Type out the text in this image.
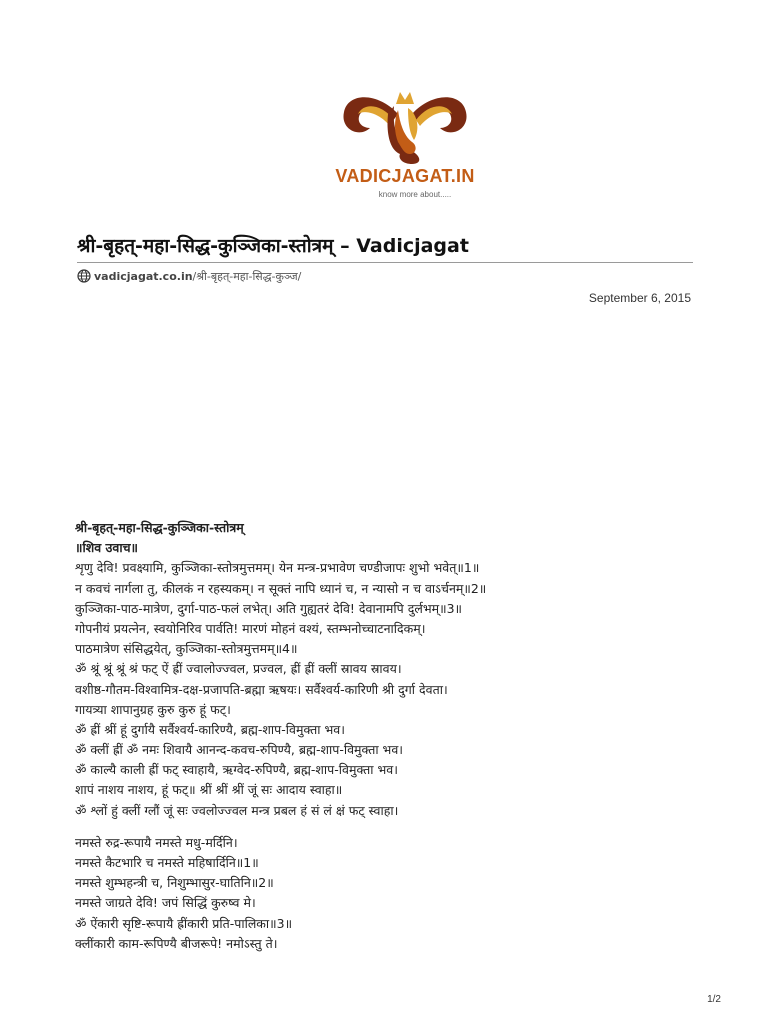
VADICJAGAT.IN
know more about.....
श्री-बृहत्-महा-सिद्ध-कुञ्जिका-स्तोत्रम् – Vadicjagat
vadicjagat.co.in /श्री-बृहत्-महा-सिद्ध-कुञ्ज/
September 6, 2015
श्री-बृहत्-महा-सिद्ध-कुञ्जिका-स्तोत्रम्
॥शिव उवाच॥
शृणु देवि! प्रवक्ष्यामि, कुञ्जिका-स्तोत्रमुत्तमम्। येन मन्त्र-प्रभावेण चण्डीजापः शुभो भवेत्॥1॥
न कवचं नार्गला तु, कीलकं न रहस्यकम्। न सूक्तं नापि ध्यानं च, न न्यासो न च वाऽर्चनम्॥2॥
कुञ्जिका-पाठ-मात्रेण, दुर्गा-पाठ-फलं लभेत्। अति गुह्यतरं देवि! देवानामपि दुर्लभम्॥3॥
गोपनीयं प्रयत्नेन, स्वयोनिरिव पार्वति! मारणं मोहनं वश्यं, स्तम्भनोच्चाटनादिकम्।
पाठमात्रेण संसिद्धयेत्, कुञ्जिका-स्तोत्रमुत्तमम्॥4॥
ॐ श्रूं श्रूं श्रूं श्रं फट् ऐं ह्रीं ज्वालोज्ज्वल, प्रज्वल, ह्रीं ह्रीं क्लीं स्रावय स्रावय।
वशीष्ठ-गौतम-विश्वामित्र-दक्ष-प्रजापति-ब्रह्मा ऋषयः। सर्वैश्वर्य-कारिणी श्री दुर्गा देवता।
गायत्र्या शापानुग्रह कुरु कुरु हूं फट्।
ॐ ह्रीं श्रीं हूं दुर्गायै सर्वैश्वर्य-कारिण्यै, ब्रह्म-शाप-विमुक्ता भव।
ॐ क्लीं ह्रीं ॐ नमः शिवायै आनन्द-कवच-रुपिण्यै, ब्रह्म-शाप-विमुक्ता भव।
ॐ काल्यै काली ह्रीं फट् स्वाहायै, ऋग्वेद-रुपिण्यै, ब्रह्म-शाप-विमुक्ता भव।
शापं नाशय नाशय, हूं फट्॥ श्रीं श्रीं श्रीं जूं सः आदाय स्वाहा॥
ॐ श्लों हुं क्लीं ग्लौं जूं सः ज्वलोज्ज्वल मन्त्र प्रबल हं सं लं क्षं फट् स्वाहा।
नमस्ते रुद्र-रूपायै नमस्ते मधु-मर्दिनि।
नमस्ते कैटभारि च नमस्ते महिषार्दिनि॥1॥
नमस्ते शुम्भहन्त्री च, निशुम्भासुर-घातिनि॥2॥
नमस्ते जाग्रते देवि! जपं सिद्धिं कुरुष्व मे।
ॐ ऐंकारी सृष्टि-रूपायै ह्रींकारी प्रति-पालिका॥3॥
क्लींकारी काम-रूपिण्यै बीजरूपे! नमोऽस्तु ते।
1/2
